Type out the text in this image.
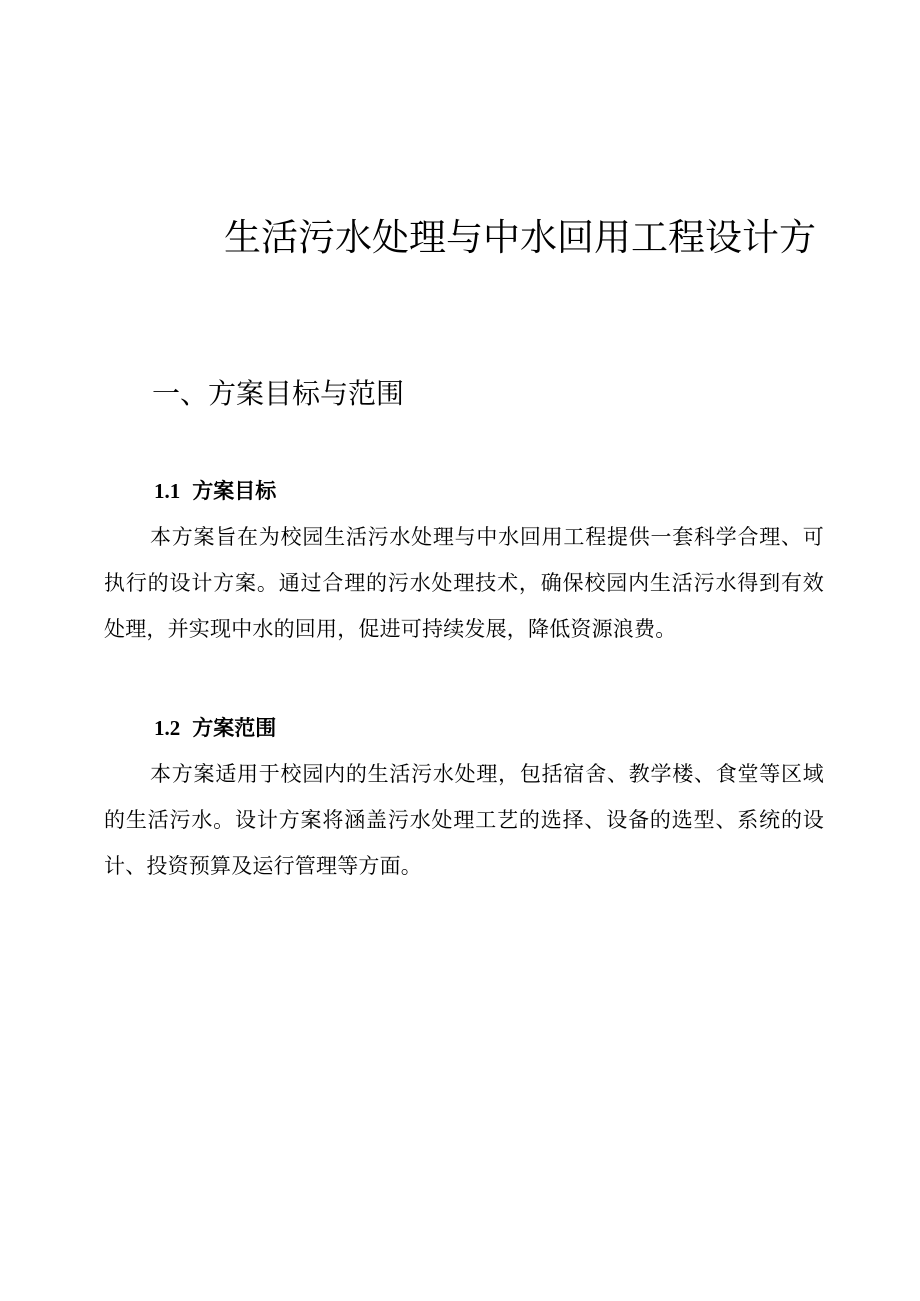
生活污水处理与中水回用工程设计方
一、方案目标与范围
1.1 方案目标

本方案旨在为校园生活污水处理与中水回用工程提供一套科学合理、可执行的设计方案。通过合理的污水处理技术，确保校园内生活污水得到有效处理，并实现中水的回用，促进可持续发展，降低资源浪费。

1.2 方案范围

本方案适用于校园内的生活污水处理，包括宿舍、教学楼、食堂等区域的生活污水。设计方案将涵盖污水处理工艺的选择、设备的选型、系统的设计、投资预算及运行管理等方面。
